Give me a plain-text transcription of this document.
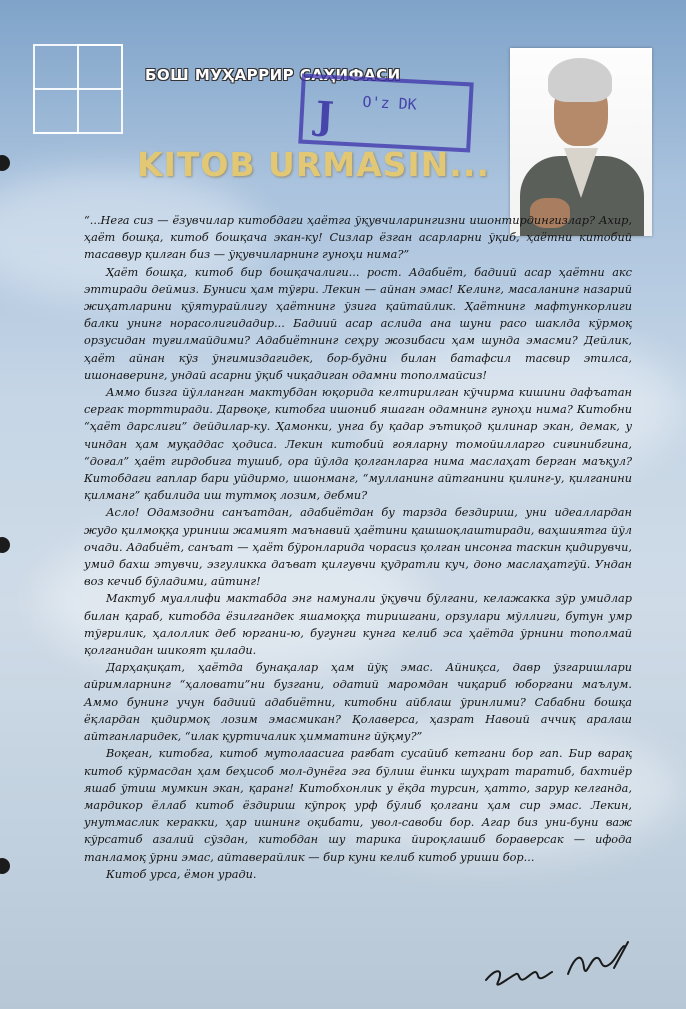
БОШ МУҲАРРИР САҲИФАСИ
J O'z DK
KITOB URMASIN...

“...Нега сиз — ёзувчилар китобдаги ҳаётга ўқувчиларингизни ишонтирдингизлар? Ахир, ҳаёт бошқа, китоб бошқача экан-ку! Сизлар ёзган асарларни ўқиб, ҳаётни китобий тасаввур қилган биз — ўқувчиларнинг гуноҳи нима?”

Ҳаёт бошқа, китоб бир бошқачалиги... рост. Адабиёт, бадиий асар ҳаётни акс эттиради деймиз. Буниси ҳам тўғри. Лекин — айнан эмас! Келинг, масаланинг назарий жиҳатларини қўятурайлигу ҳаётнинг ўзига қайтайлик. Ҳаётнинг мафтункорлиги балки унинг норасолигидадир... Бадиий асар аслида ана шуни расо шаклда кўрмоқ орзусидан туғилмайдими? Адабиётнинг сеҳру жозибаси ҳам шунда эмасми? Дейлик, ҳаёт айнан кўз ўнгимиздагидек, бор-будни билан батафсил тасвир этилса, ишонаверинг, ундай асарни ўқиб чиқадиган одамни тополмайсиз!

Аммо бизга йўлланган мактубдан юқорида келтирилган кўчирма кишини дафъатан сергак торттиради. Дарвоқе, китобга ишониб яшаган одамнинг гуноҳи нима? Китобни “ҳаёт дарслиги” дейдилар-ку. Ҳамонки, унга бу қадар эътиқод қилинар экан, демак, у чиндан ҳам муқаддас ҳодиса. Лекин китобий ғояларну томойилларго сиғинибгина, “доғал” ҳаёт гирдобига тушиб, ора йўлда қолганларга нима маслаҳат берган маъқул? Китобдаги гаплар бари уйдирмо, ишонманг, “мулланинг айтганини қилинг-у, қилганини қилманг” қабилида иш тутмоқ лозим, дебми?

Асло! Одамзодни санъатдан, адабиётдан бу тарзда бездириш, уни идеаллардан жудо қилмоққа уриниш жамият маънавий ҳаётини қашшоқлаштиради, ваҳшиятга йўл очади. Адабиёт, санъат — ҳаёт бўронларида чорасиз қолган инсонга таскин қидирувчи, умид бахш этувчи, эзгуликка даъват қилгувчи қудратли куч, доно маслаҳатгўй. Ундан воз кечиб бўладими, айтинг!

Мактуб муаллифи мактабда энг намунали ўқувчи бўлгани, келажакка зўр умидлар билан қараб, китобда ёзилгандек яшамоққа тиришгани, орзулари мўллиги, бутун умр тўғрилик, ҳалоллик деб юргани-ю, бугунги кунга келиб эса ҳаётда ўрнини тополмай қолганидан шикоят қилади.

Дарҳақиқат, ҳаётда бунақалар ҳам йўқ эмас. Айниқса, давр ўзгаришлари айримларнинг “ҳаловати”ни бузгани, одатий маромдан чиқариб юборгани маълум. Аммо бунинг учун бадиий адабиётни, китобни айблаш ўринлими? Сабабни бошқа ёқлардан қидирмоқ лозим эмасмикан? Қолаверса, ҳазрат Навоий аччиқ аралаш айтганларидек, “илак қуртичалик ҳимматинг йўқму?”

Воқеан, китобга, китоб мутолаасига рағбат сусайиб кетгани бор гап. Бир варақ китоб кўрмасдан ҳам беҳисоб мол-дунёга эга бўлиш ёинки шуҳрат таратиб, бахтиёр яшаб ўтиш мумкин экан, қаранг! Китобхонлик у ёқда турсин, ҳатто, зарур келганда, мардикор ёллаб китоб ёздириш кўпроқ урф бўлиб қолгани ҳам сир эмас. Лекин, унутмаслик керакки, ҳар ишнинг оқибати, увол-савоби бор. Агар биз уни-буни важ кўрсатиб азалий сўздан, китобдан шу тарика йироқлашиб бораверсак — ифода танламоқ ўрни эмас, айтаверайлик — бир куни келиб китоб уриши бор...

Китоб урса, ёмон уради.
